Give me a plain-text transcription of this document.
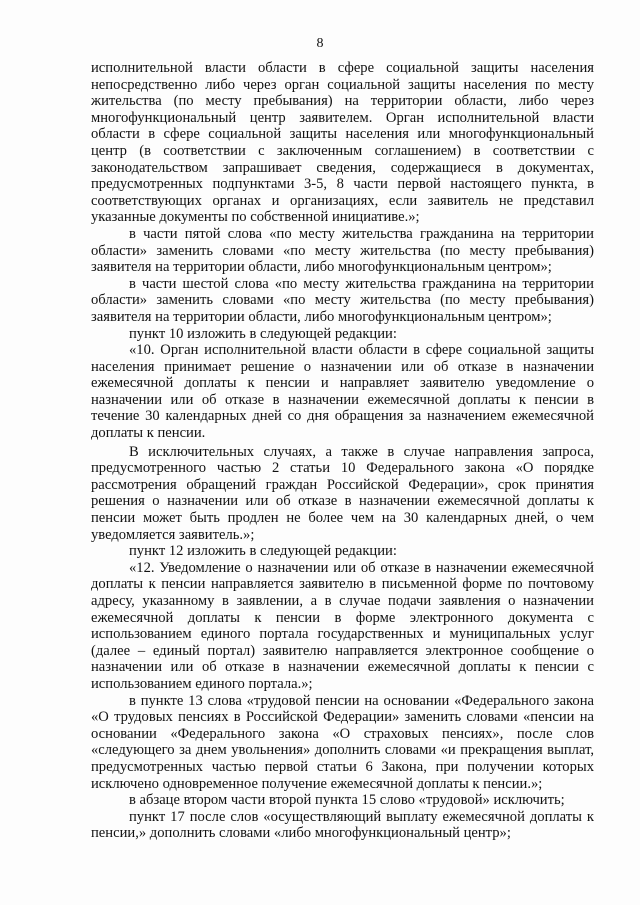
8

исполнительной власти области в сфере социальной защиты населения непосредственно либо через орган социальной защиты населения по месту жительства (по месту пребывания) на территории области, либо через многофункциональный центр заявителем. Орган исполнительной власти области в сфере социальной защиты населения или многофункциональный центр (в соответствии с заключенным соглашением) в соответствии с законодательством запрашивает сведения, содержащиеся в документах, предусмотренных подпунктами 3-5, 8 части первой настоящего пункта, в соответствующих органах и организациях, если заявитель не представил указанные документы по собственной инициативе.»;

в части пятой слова «по месту жительства гражданина на территории области» заменить словами «по месту жительства (по месту пребывания) заявителя на территории области, либо многофункциональным центром»;

в части шестой слова «по месту жительства гражданина на территории области» заменить словами «по месту жительства (по месту пребывания) заявителя на территории области, либо многофункциональным центром»;

пункт 10 изложить в следующей редакции:

«10. Орган исполнительной власти области в сфере социальной защиты населения принимает решение о назначении или об отказе в назначении ежемесячной доплаты к пенсии и направляет заявителю уведомление о назначении или об отказе в назначении ежемесячной доплаты к пенсии в течение 30 календарных дней со дня обращения за назначением ежемесячной доплаты к пенсии.

В исключительных случаях, а также в случае направления запроса, предусмотренного частью 2 статьи 10 Федерального закона «О порядке рассмотрения обращений граждан Российской Федерации», срок принятия решения о назначении или об отказе в назначении ежемесячной доплаты к пенсии может быть продлен не более чем на 30 календарных дней, о чем уведомляется заявитель.»;

пункт 12 изложить в следующей редакции:

«12. Уведомление о назначении или об отказе в назначении ежемесячной доплаты к пенсии направляется заявителю в письменной форме по почтовому адресу, указанному в заявлении, а в случае подачи заявления о назначении ежемесячной доплаты к пенсии в форме электронного документа с использованием единого портала государственных и муниципальных услуг (далее – единый портал) заявителю направляется электронное сообщение о назначении или об отказе в назначении ежемесячной доплаты к пенсии с использованием единого портала.»;

в пункте 13 слова «трудовой пенсии на основании «Федерального закона «О трудовых пенсиях в Российской Федерации» заменить словами «пенсии на основании «Федерального закона «О страховых пенсиях», после слов «следующего за днем увольнения» дополнить словами «и прекращения выплат, предусмотренных частью первой статьи 6 Закона, при получении которых исключено одновременное получение ежемесячной доплаты к пенсии.»;

в абзаце втором части второй пункта 15 слово «трудовой» исключить;

пункт 17 после слов «осуществляющий выплату ежемесячной доплаты к пенсии,» дополнить словами «либо многофункциональный центр»;
